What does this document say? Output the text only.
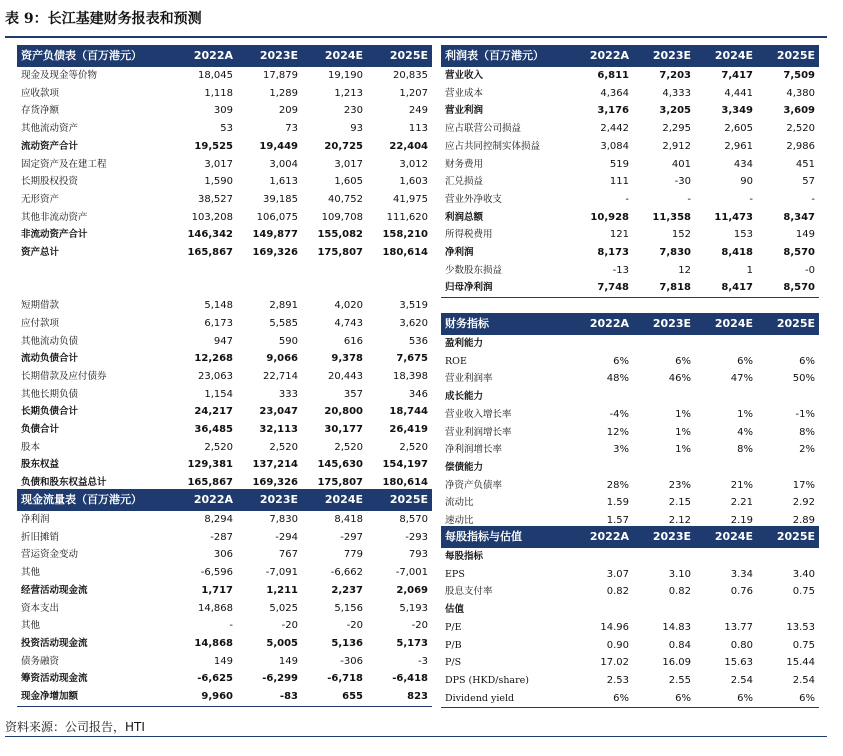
表 9：长江基建财务报表和预测
资产负债表（百万港元）	2022A	2023E	2024E	2025E
现金及现金等价物	18,045	17,879	19,190	20,835
应收款项	1,118	1,289	1,213	1,207
存货净额	309	209	230	249
其他流动资产	53	73	93	113
流动资产合计	19,525	19,449	20,725	22,404
固定资产及在建工程	3,017	3,004	3,017	3,012
长期股权投资	1,590	1,613	1,605	1,603
无形资产	38,527	39,185	40,752	41,975
其他非流动资产	103,208	106,075	109,708	111,620
非流动资产合计	146,342	149,877	155,082	158,210
资产总计	165,867	169,326	175,807	180,614

短期借款	5,148	2,891	4,020	3,519
应付款项	6,173	5,585	4,743	3,620
其他流动负债	947	590	616	536
流动负债合计	12,268	9,066	9,378	7,675
长期借款及应付债券	23,063	22,714	20,443	18,398
其他长期负债	1,154	333	357	346
长期负债合计	24,217	23,047	20,800	18,744
负债合计	36,485	32,113	30,177	26,419
股本	2,520	2,520	2,520	2,520
股东权益	129,381	137,214	145,630	154,197
负债和股东权益总计	165,867	169,326	175,807	180,614
现金流量表（百万港元）	2022A	2023E	2024E	2025E
净利润	8,294	7,830	8,418	8,570
折旧摊销	-287	-294	-297	-293
营运资金变动	306	767	779	793
其他	-6,596	-7,091	-6,662	-7,001
经营活动现金流	1,717	1,211	2,237	2,069
资本支出	14,868	5,025	5,156	5,193
其他	-	-20	-20	-20
投资活动现金流	14,868	5,005	5,136	5,173
债务融资	149	149	-306	-3
筹资活动现金流	-6,625	-6,299	-6,718	-6,418
现金净增加额	9,960	-83	655	823
利润表（百万港元）	2022A	2023E	2024E	2025E
营业收入	6,811	7,203	7,417	7,509
营业成本	4,364	4,333	4,441	4,380
营业利润	3,176	3,205	3,349	3,609
应占联营公司损益	2,442	2,295	2,605	2,520
应占共同控制实体损益	3,084	2,912	2,961	2,986
财务费用	519	401	434	451
汇兑损益	111	-30	90	57
营业外净收支	-	-	-	-
利润总额	10,928	11,358	11,473	8,347
所得税费用	121	152	153	149
净利润	8,173	7,830	8,418	8,570
少数股东损益	-13	12	1	-0
归母净利润	7,748	7,818	8,417	8,570
财务指标	2022A	2023E	2024E	2025E
盈利能力				
ROE	6%	6%	6%	6%
营业利润率	48%	46%	47%	50%
成长能力				
营业收入增长率	-4%	1%	1%	-1%
营业利润增长率	12%	1%	4%	8%
净利润增长率	3%	1%	8%	2%
偿债能力				
净资产负债率	28%	23%	21%	17%
流动比	1.59	2.15	2.21	2.92
速动比	1.57	2.12	2.19	2.89
每股指标与估值	2022A	2023E	2024E	2025E
每股指标				
EPS	3.07	3.10	3.34	3.40
股息支付率	0.82	0.82	0.76	0.75
估值				
P/E	14.96	14.83	13.77	13.53
P/B	0.90	0.84	0.80	0.75
P/S	17.02	16.09	15.63	15.44
DPS (HKD/share)	2.53	2.55	2.54	2.54
Dividend yield	6%	6%	6%	6%
资料来源：公司报告，HTI
